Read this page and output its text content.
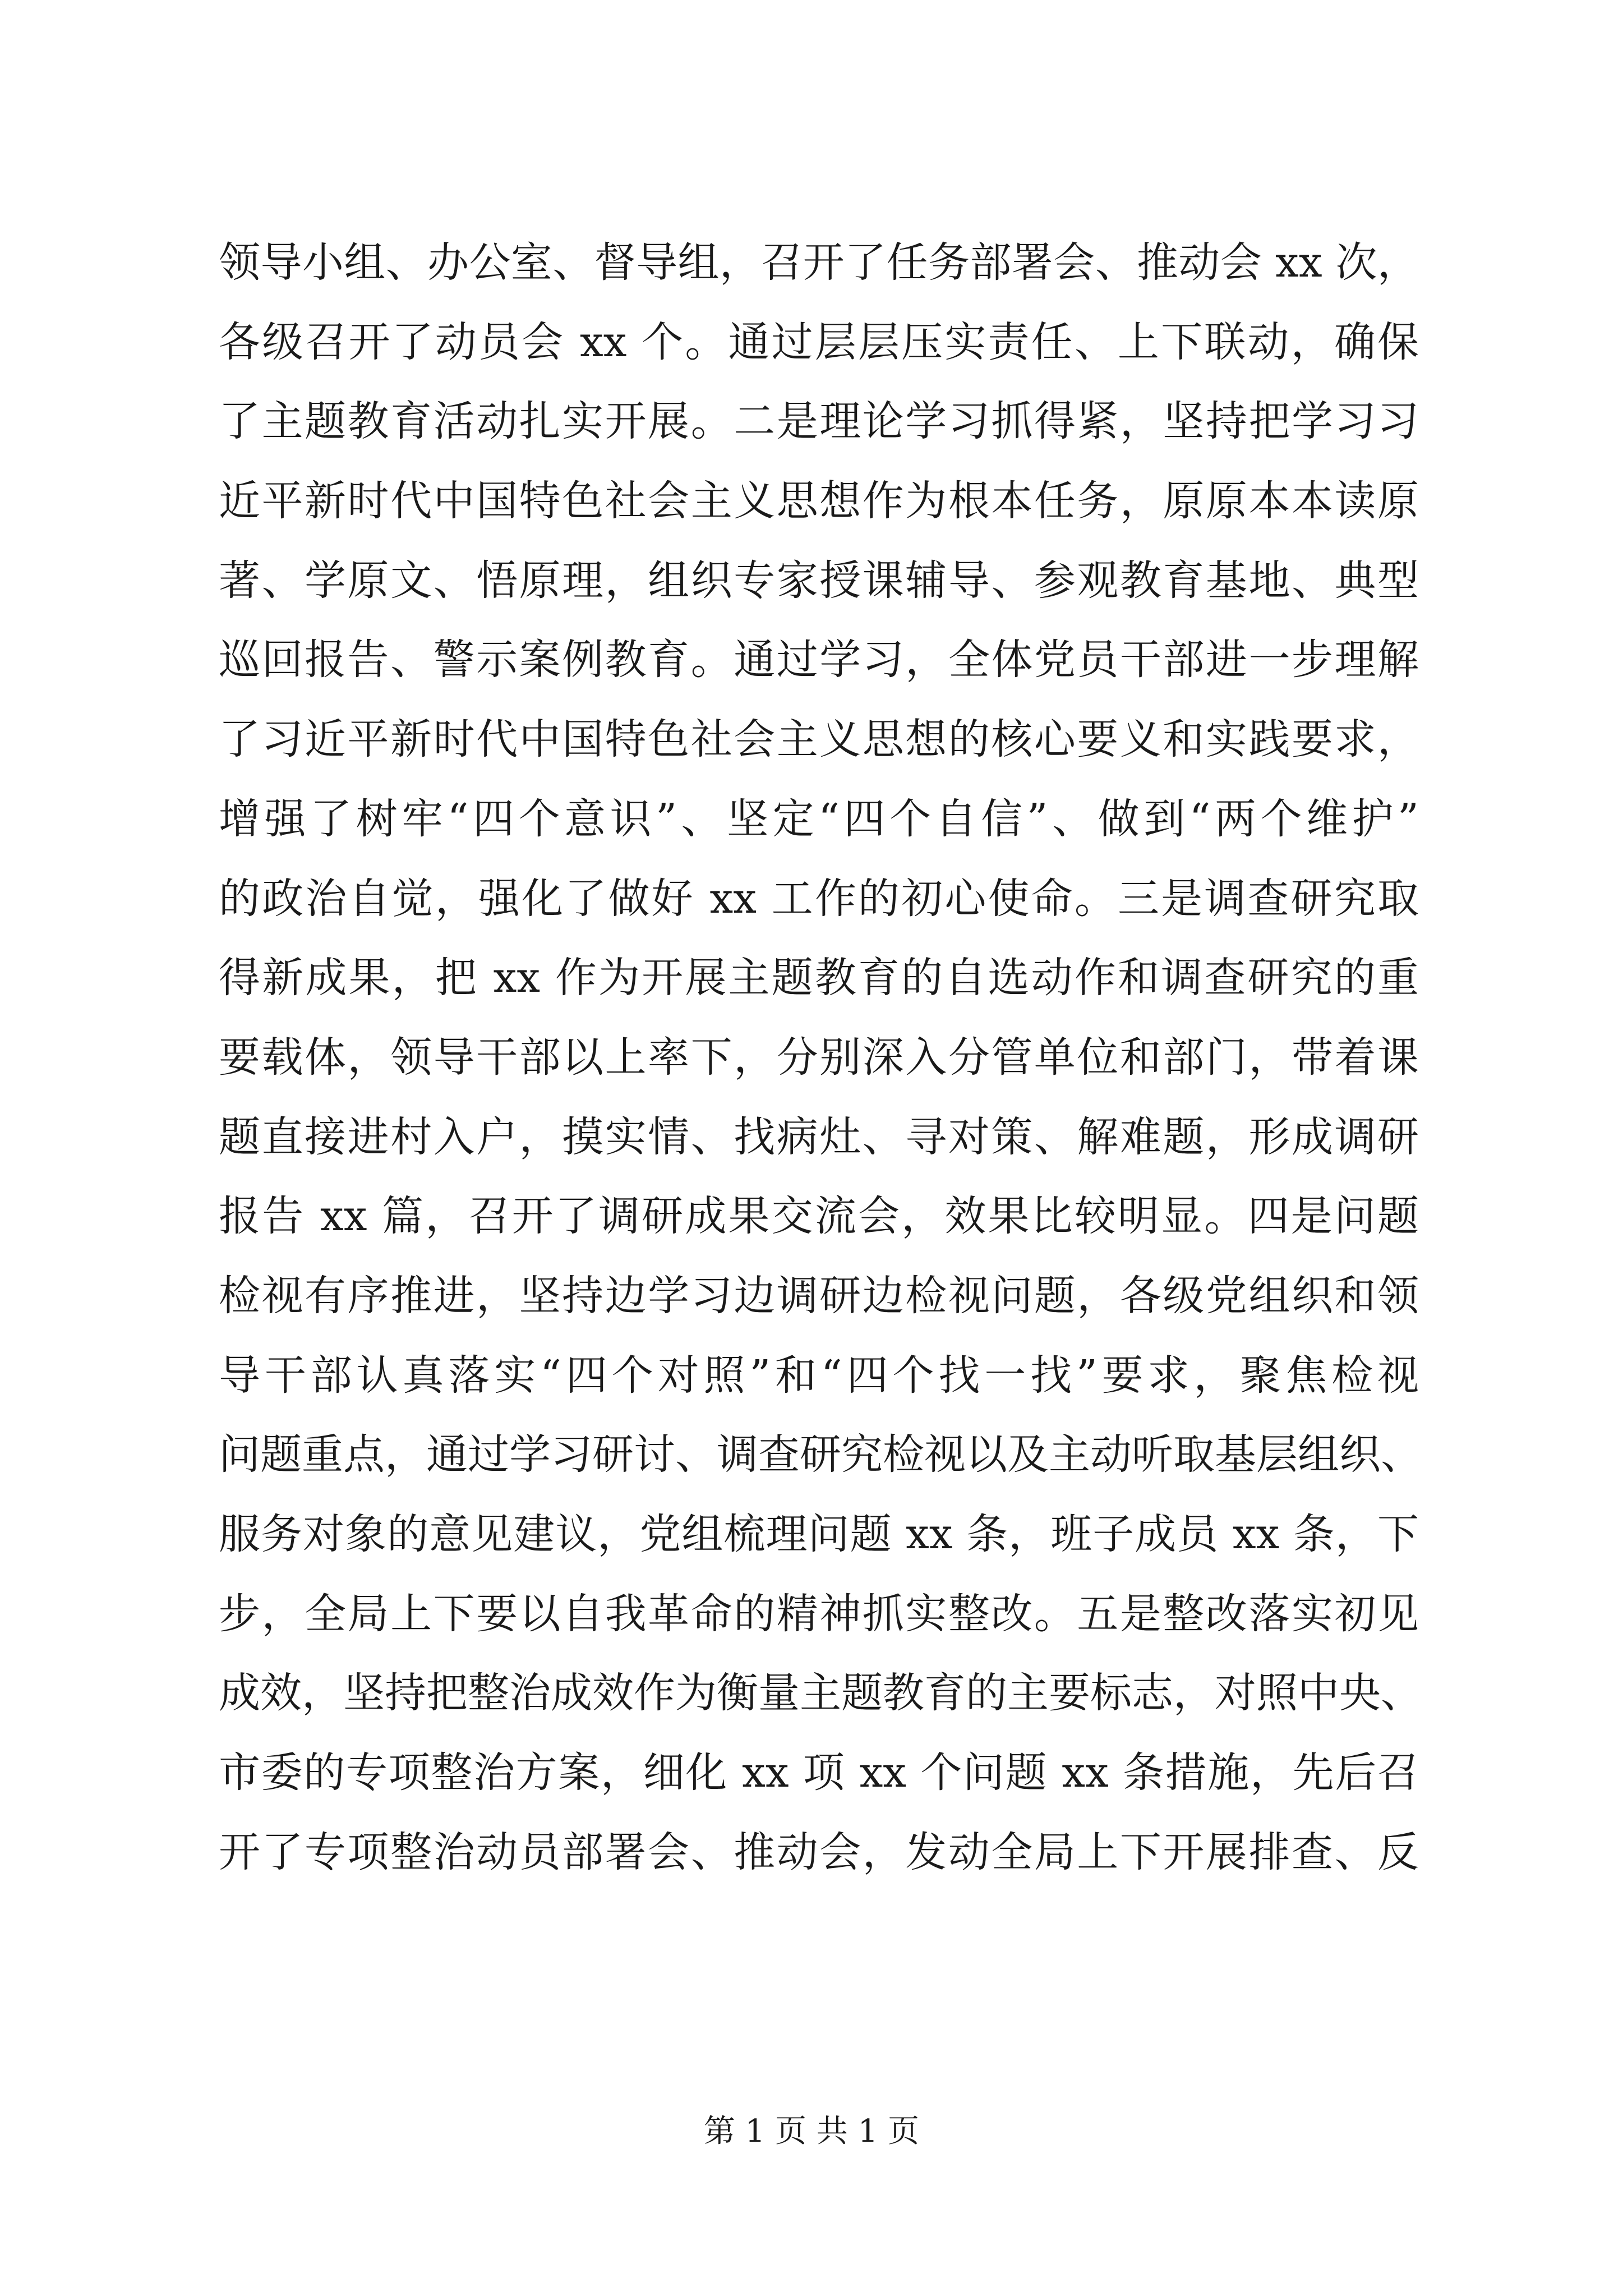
领导小组、办公室、督导组，召开了任务部署会、推动会 xx 次，
各级召开了动员会 xx 个。通过层层压实责任、上下联动，确保
了主题教育活动扎实开展。二是理论学习抓得紧，坚持把学习习
近平新时代中国特色社会主义思想作为根本任务，原原本本读原
著、学原文、悟原理，组织专家授课辅导、参观教育基地、典型
巡回报告、警示案例教育。通过学习，全体党员干部进一步理解
了习近平新时代中国特色社会主义思想的核心要义和实践要求，
增强了树牢“四个意识”、坚定“四个自信”、做到“两个维护”
的政治自觉，强化了做好 xx 工作的初心使命。三是调查研究取
得新成果，把 xx 作为开展主题教育的自选动作和调查研究的重
要载体，领导干部以上率下，分别深入分管单位和部门，带着课
题直接进村入户，摸实情、找病灶、寻对策、解难题，形成调研
报告 xx 篇，召开了调研成果交流会，效果比较明显。四是问题
检视有序推进，坚持边学习边调研边检视问题，各级党组织和领
导干部认真落实“四个对照”和“四个找一找”要求，聚焦检视
问题重点，通过学习研讨、调查研究检视以及主动听取基层组织、
服务对象的意见建议，党组梳理问题 xx 条，班子成员 xx 条，下
步，全局上下要以自我革命的精神抓实整改。五是整改落实初见
成效，坚持把整治成效作为衡量主题教育的主要标志，对照中央、
市委的专项整治方案，细化 xx 项 xx 个问题 xx 条措施，先后召
开了专项整治动员部署会、推动会，发动全局上下开展排查、反
第 1 页 共 1 页
